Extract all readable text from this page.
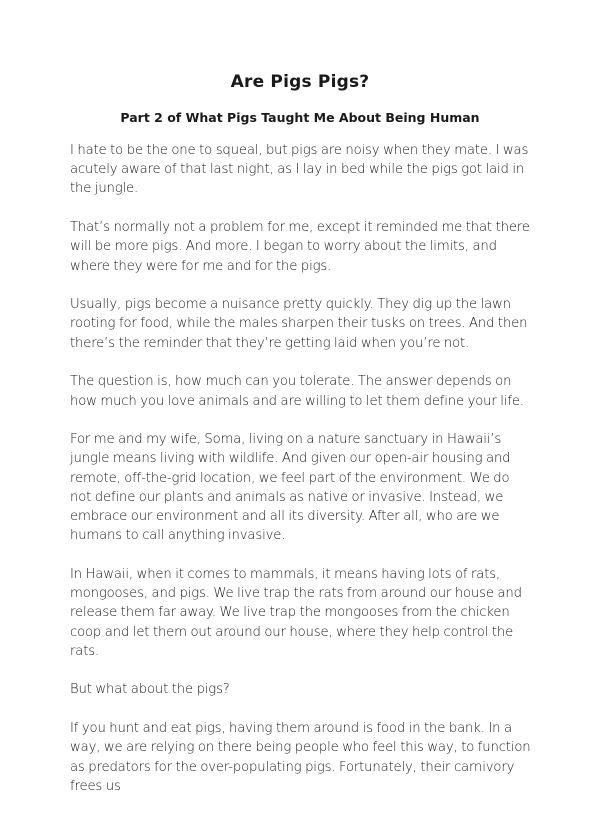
Are Pigs Pigs?
Part 2 of What Pigs Taught Me About Being Human

I hate to be the one to squeal, but pigs are noisy when they mate. I was acutely aware of that last night, as I lay in bed while the pigs got laid in the jungle.

That’s normally not a problem for me, except it reminded me that there will be more pigs. And more. I began to worry about the limits, and where they were for me and for the pigs.

Usually, pigs become a nuisance pretty quickly. They dig up the lawn rooting for food, while the males sharpen their tusks on trees. And then there’s the reminder that they’re getting laid when you’re not.

The question is, how much can you tolerate. The answer depends on how much you love animals and are willing to let them define your life.

For me and my wife, Soma, living on a nature sanctuary in Hawaii’s jungle means living with wildlife. And given our open-air housing and remote, off-the-grid location, we feel part of the environment. We do not define our plants and animals as native or invasive. Instead, we embrace our environment and all its diversity. After all, who are we humans to call anything invasive.

In Hawaii, when it comes to mammals, it means having lots of rats, mongooses, and pigs. We live trap the rats from around our house and release them far away. We live trap the mongooses from the chicken coop and let them out around our house, where they help control the rats.

But what about the pigs?

If you hunt and eat pigs, having them around is food in the bank. In a way, we are relying on there being people who feel this way, to function as predators for the over-populating pigs. Fortunately, their carnivory frees us
